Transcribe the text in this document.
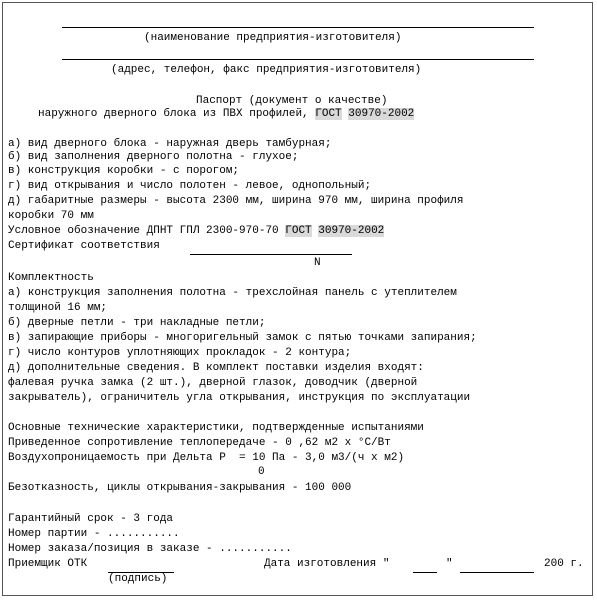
(наименование предприятия-изготовителя)
(адрес, телефон, факс предприятия-изготовителя)
Паспорт (документ о качестве)
наружного дверного блока из ПВХ профилей, ГОСТ 30970-2002
а) вид дверного блока - наружная дверь тамбурная;
б) вид заполнения дверного полотна - глухое;
в) конструкция коробки - с порогом;
г) вид открывания и число полотен - левое, однопольный;
д) габаритные размеры - высота 2300 мм, ширина 970 мм, ширина профиля
коробки 70 мм
Условное обозначение ДПНТ ГПЛ 2300-970-70 ГОСТ 30970-2002
Сертификат соответствия
N
Комплектность
а) конструкция заполнения полотна - трехслойная панель с утеплителем
толщиной 16 мм;
б) дверные петли - три накладные петли;
в) запирающие приборы - многоригельный замок с пятью точками запирания;
г) число контуров уплотняющих прокладок - 2 контура;
д) дополнительные сведения. В комплект поставки изделия входят:
фалевая ручка замка (2 шт.), дверной глазок, доводчик (дверной
закрыватель), ограничитель угла открывания, инструкция по эксплуатации
Основные технические характеристики, подтвержденные испытаниями
Приведенное сопротивление теплопередаче - 0 ,62 м2 x °С/Вт
Воздухопроницаемость при Дельта Р  = 10 Па - 3,0 м3/(ч х м2)
0
Безотказность, циклы открывания-закрывания - 100 000
Гарантийный срок - 3 года
Номер партии - ...........
Номер заказа/позиция в заказе - ...........
Приемщик ОТК
(подпись)
Дата изготовления "	"	200 г.
